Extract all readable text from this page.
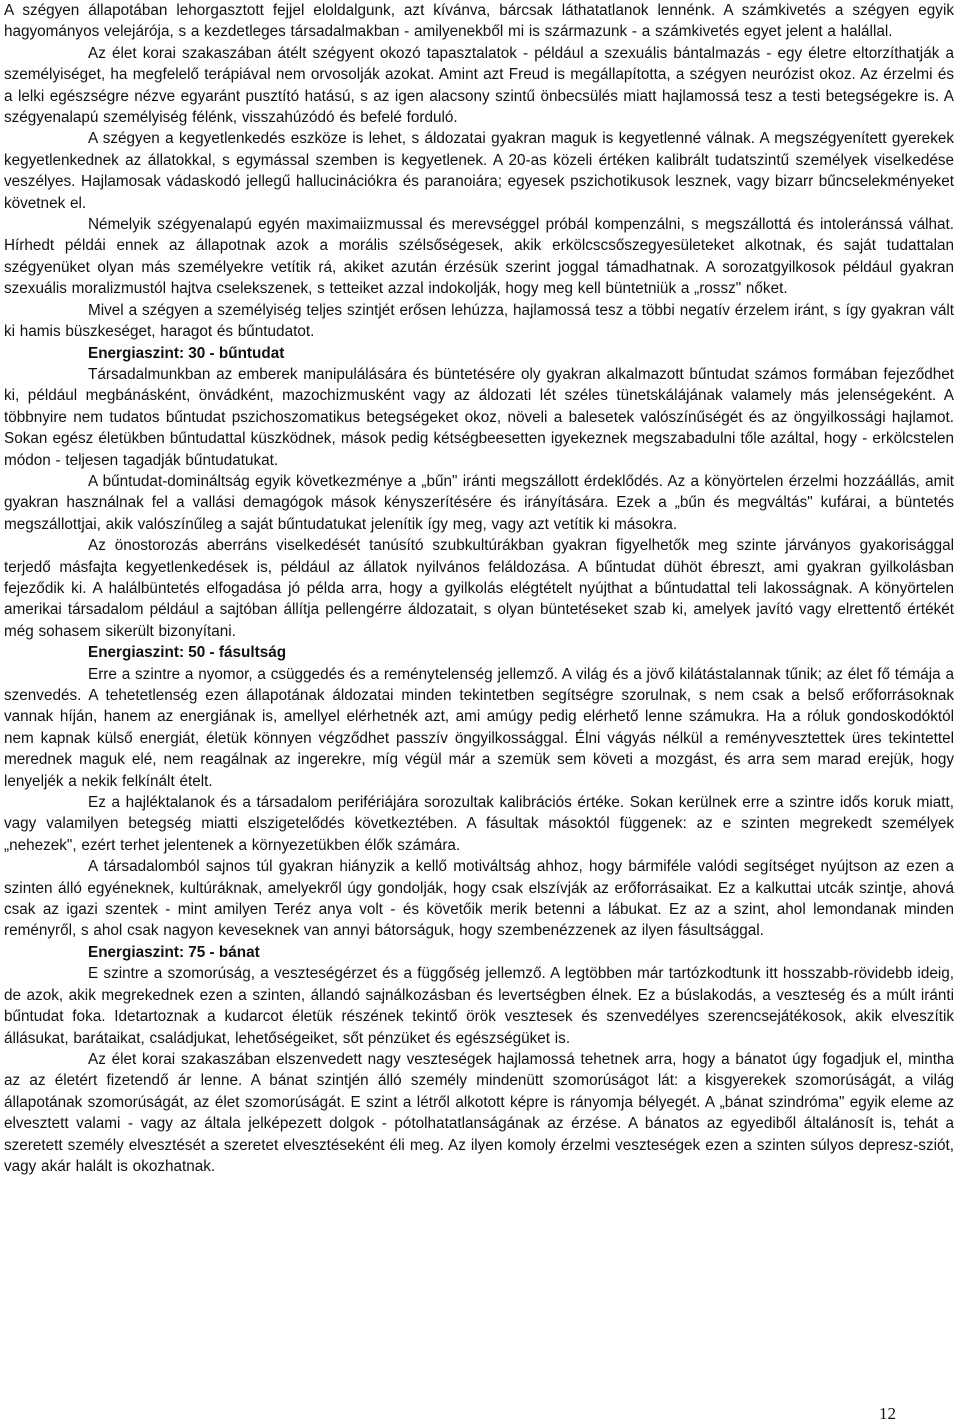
A szégyen állapotában lehorgasztott fejjel eloldalgunk, azt kívánva, bárcsak láthatatlanok lennénk. A számkivetés a szégyen egyik hagyományos velejárója, s a kezdetleges társadalmakban - amilyenekből mi is származunk - a számkivetés egyet jelent a halállal.

Az élet korai szakaszában átélt szégyent okozó tapasztalatok - például a szexuális bántalmazás - egy életre eltorzíthatják a személyiséget, ha megfelelő terápiával nem orvosolják azokat. Amint azt Freud is megállapította, a szégyen neurózist okoz. Az érzelmi és a lelki egészségre nézve egyaránt pusztító hatású, s az igen alacsony szintű önbecsülés miatt hajlamossá tesz a testi betegségekre is. A szégyenalapú személyiség félénk, visszahúzódó és befelé forduló.

A szégyen a kegyetlenkedés eszköze is lehet, s áldozatai gyakran maguk is kegyetlenné válnak. A megszégyenített gyerekek kegyetlenkednek az állatokkal, s egymással szemben is kegyetlenek. A 20-as közeli értéken kalibrált tudatszintű személyek viselkedése veszélyes. Hajlamosak vádaskodó jellegű hallucinációkra és paranoiára; egyesek pszichotikusok lesznek, vagy bizarr bűncselekményeket követnek el.

Némelyik szégyenalapú egyén maximaiizmussal és merevséggel próbál kompenzálni, s megszállottá és intoleránssá válhat. Hírhedt példái ennek az állapotnak azok a morális szélsőségesek, akik erkölcscsőszegyesületeket alkotnak, és saját tudattalan szégyenüket olyan más személyekre vetítik rá, akiket azután érzésük szerint joggal támadhatnak. A sorozatgyilkosok például gyakran szexuális moralizmustól hajtva cselekszenek, s tetteiket azzal indokolják, hogy meg kell büntetniük a „rossz" nőket.

Mivel a szégyen a személyiség teljes szintjét erősen lehúzza, hajlamossá tesz a többi negatív érzelem iránt, s így gyakran vált ki hamis büszkeséget, haragot és bűntudatot.

Energiaszint: 30 - bűntudat

Társadalmunkban az emberek manipulálására és büntetésére oly gyakran alkalmazott bűntudat számos formában fejeződhet ki, például megbánásként, önvádként, mazochizmusként vagy az áldozati lét széles tünetskálájának valamely más jelenségeként. A többnyire nem tudatos bűntudat pszichoszomatikus betegségeket okoz, növeli a balesetek valószínűségét és az öngyilkossági hajlamot. Sokan egész életükben bűntudattal küszködnek, mások pedig kétségbeesetten igyekeznek megszabadulni tőle azáltal, hogy - erkölcstelen módon - teljesen tagadják bűntudatukat.

A bűntudat-domináltság egyik következménye a „bűn" iránti megszállott érdeklődés. Az a könyörtelen érzelmi hozzáállás, amit gyakran használnak fel a vallási demagógok mások kényszerítésére és irányítására. Ezek a „bűn és megváltás" kufárai, a büntetés megszállottjai, akik valószínűleg a saját bűntudatukat jelenítik így meg, vagy azt vetítik ki másokra.

Az önostorozás aberráns viselkedését tanúsító szubkultúrákban gyakran figyelhetők meg szinte járványos gyakorisággal terjedő másfajta kegyetlenkedések is, például az állatok nyilvános feláldozása. A bűntudat dühöt ébreszt, ami gyakran gyilkolásban fejeződik ki. A halálbüntetés elfogadása jó példa arra, hogy a gyilkolás elégtételt nyújthat a bűntudattal teli lakosságnak. A könyörtelen amerikai társadalom például a sajtóban állítja pellengérre áldozatait, s olyan büntetéseket szab ki, amelyek javító vagy elrettentő értékét még sohasem sikerült bizonyítani.

Energiaszint: 50 - fásultság

Erre a szintre a nyomor, a csüggedés és a reménytelenség jellemző. A világ és a jövő kilátástalannak tűnik; az élet fő témája a szenvedés. A tehetetlenség ezen állapotának áldozatai minden tekintetben segítségre szorulnak, s nem csak a belső erőforrásoknak vannak híján, hanem az energiának is, amellyel elérhetnék azt, ami amúgy pedig elérhető lenne számukra. Ha a róluk gondoskodóktól nem kapnak külső energiát, életük könnyen végződhet passzív öngyilkossággal. Élni vágyás nélkül a reményvesztettek üres tekintettel merednek maguk elé, nem reagálnak az ingerekre, míg végül már a szemük sem követi a mozgást, és arra sem marad erejük, hogy lenyeljék a nekik felkínált ételt.

Ez a hajléktalanok és a társadalom perifériájára sorozultak kalibrációs értéke. Sokan kerülnek erre a szintre idős koruk miatt, vagy valamilyen betegség miatti elszigetelődés következtében. A fásultak másoktól függenek: az e szinten megrekedt személyek „nehezek", ezért terhet jelentenek a környezetükben élők számára.

A társadalomból sajnos túl gyakran hiányzik a kellő motiváltság ahhoz, hogy bármiféle valódi segítséget nyújtson az ezen a szinten álló egyéneknek, kultúráknak, amelyekről úgy gondolják, hogy csak elszívják az erőforrásaikat. Ez a kalkuttai utcák szintje, ahová csak az igazi szentek - mint amilyen Teréz anya volt - és követőik merik betenni a lábukat. Ez az a szint, ahol lemondanak minden reményről, s ahol csak nagyon keveseknek van annyi bátorságuk, hogy szembenézzenek az ilyen fásultsággal.

Energiaszint: 75 - bánat

E szintre a szomorúság, a veszteségérzet és a függőség jellemző. A legtöbben már tartózkodtunk itt hosszabb-rövidebb ideig, de azok, akik megrekednek ezen a szinten, állandó sajnálkozásban és levertségben élnek. Ez a búslakodás, a veszteség és a múlt iránti bűntudat foka. Idetartoznak a kudarcot életük részének tekintő örök vesztesek és szenvedélyes szerencsejátékosok, akik elveszítik állásukat, barátaikat, családjukat, lehetőségeiket, sőt pénzüket és egészségüket is.

Az élet korai szakaszában elszenvedett nagy veszteségek hajlamossá tehetnek arra, hogy a bánatot úgy fogadjuk el, mintha az az életért fizetendő ár lenne. A bánat szintjén álló személy mindenütt szomorúságot lát: a kisgyerekek szomorúságát, a világ állapotának szomorúságát, az élet szomorúságát. E szint a létről alkotott képre is rányomja bélyegét. A „bánat szindróma" egyik eleme az elvesztett valami - vagy az általa jelképezett dolgok - pótolhatatlanságának az érzése. A bánatos az egyediből általánosít is, tehát a szeretett személy elvesztését a szeretet elvesztéseként éli meg. Az ilyen komoly érzelmi veszteségek ezen a szinten súlyos depresz-sziót, vagy akár halált is okozhatnak.

12
